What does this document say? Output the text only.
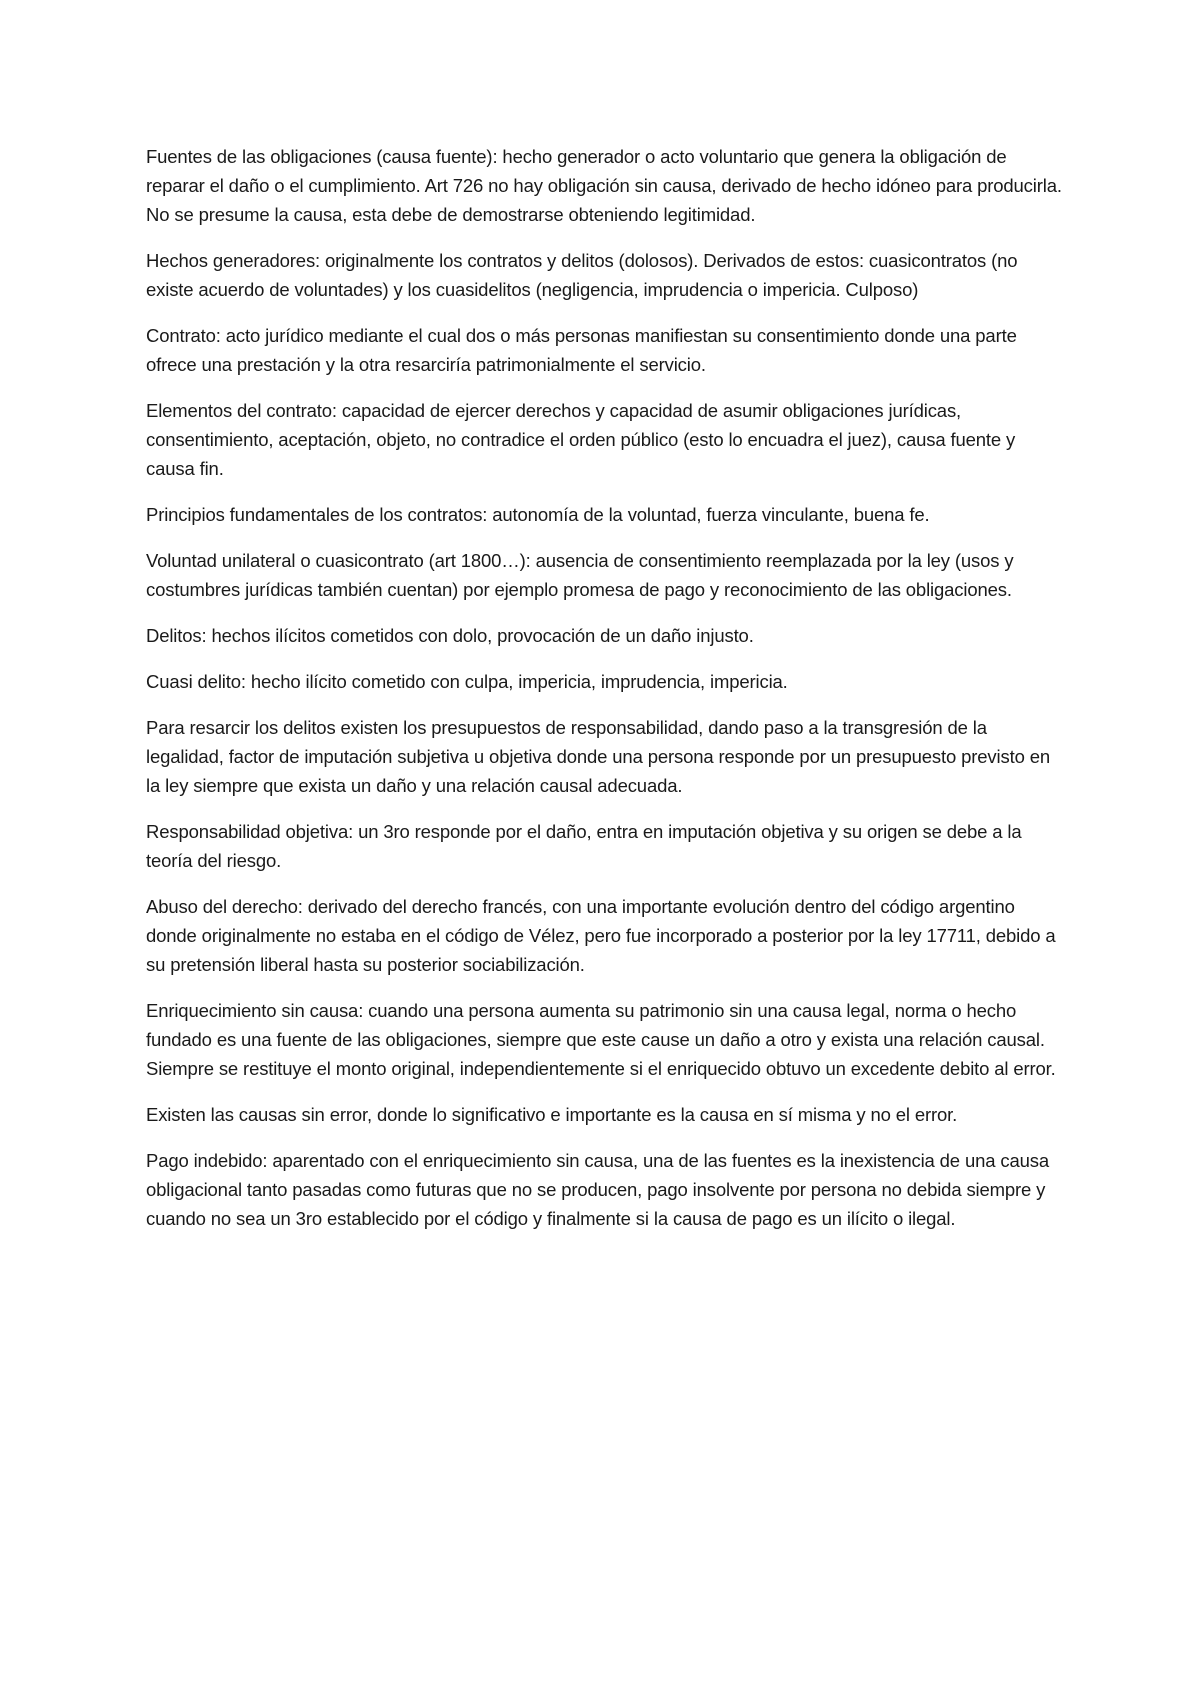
Fuentes de las obligaciones (causa fuente): hecho generador o acto voluntario que genera la obligación de reparar el daño o el cumplimiento. Art 726 no hay obligación sin causa, derivado de hecho idóneo para producirla. No se presume la causa, esta debe de demostrarse obteniendo legitimidad.

Hechos generadores: originalmente los contratos y delitos (dolosos). Derivados de estos: cuasicontratos (no existe acuerdo de voluntades) y los cuasidelitos (negligencia, imprudencia o impericia. Culposo)

Contrato: acto jurídico mediante el cual dos o más personas manifiestan su consentimiento donde una parte ofrece una prestación y la otra resarciría patrimonialmente el servicio.

Elementos del contrato: capacidad de ejercer derechos y capacidad de asumir obligaciones jurídicas, consentimiento, aceptación, objeto, no contradice el orden público (esto lo encuadra el juez), causa fuente y causa fin.

Principios fundamentales de los contratos: autonomía de la voluntad, fuerza vinculante, buena fe.

Voluntad unilateral o cuasicontrato (art 1800…): ausencia de consentimiento reemplazada por la ley (usos y costumbres jurídicas también cuentan) por ejemplo promesa de pago y reconocimiento de las obligaciones.

Delitos: hechos ilícitos cometidos con dolo, provocación de un daño injusto.

Cuasi delito: hecho ilícito cometido con culpa, impericia, imprudencia, impericia.

Para resarcir los delitos existen los presupuestos de responsabilidad, dando paso a la transgresión de la legalidad, factor de imputación subjetiva u objetiva donde una persona responde por un presupuesto previsto en la ley siempre que exista un daño y una relación causal adecuada.

Responsabilidad objetiva: un 3ro responde por el daño, entra en imputación objetiva y su origen se debe a la teoría del riesgo.

Abuso del derecho: derivado del derecho francés, con una importante evolución dentro del código argentino donde originalmente no estaba en el código de Vélez, pero fue incorporado a posterior por la ley 17711, debido a su pretensión liberal hasta su posterior sociabilización.

Enriquecimiento sin causa: cuando una persona aumenta su patrimonio sin una causa legal, norma o hecho fundado es una fuente de las obligaciones, siempre que este cause un daño a otro y exista una relación causal. Siempre se restituye el monto original, independientemente si el enriquecido obtuvo un excedente debito al error.

Existen las causas sin error, donde lo significativo e importante es la causa en sí misma y no el error.

Pago indebido: aparentado con el enriquecimiento sin causa, una de las fuentes es la inexistencia de una causa obligacional tanto pasadas como futuras que no se producen, pago insolvente por persona no debida siempre y cuando no sea un 3ro establecido por el código y finalmente si la causa de pago es un ilícito o ilegal.
